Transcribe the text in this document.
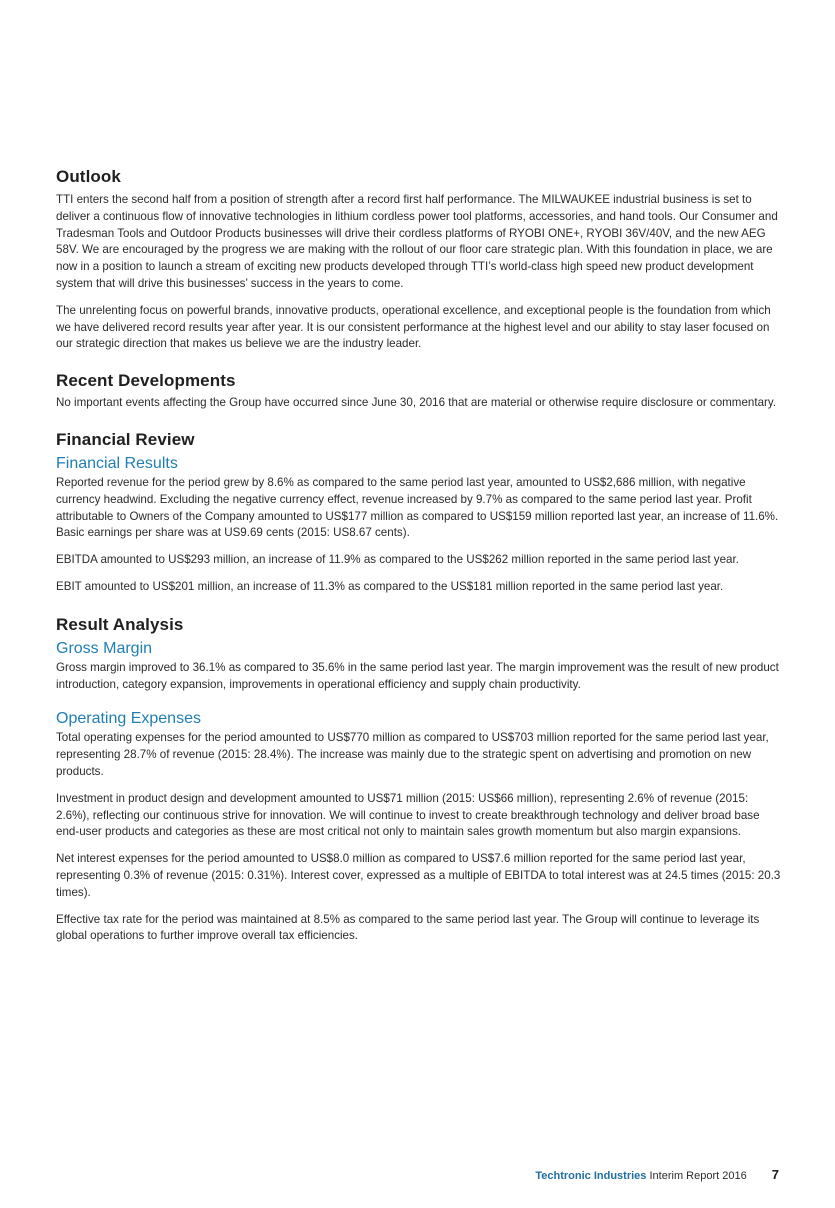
Outlook

TTI enters the second half from a position of strength after a record first half performance. The MILWAUKEE industrial business is set to deliver a continuous flow of innovative technologies in lithium cordless power tool platforms, accessories, and hand tools. Our Consumer and Tradesman Tools and Outdoor Products businesses will drive their cordless platforms of RYOBI ONE+, RYOBI 36V/40V, and the new AEG 58V. We are encouraged by the progress we are making with the rollout of our floor care strategic plan. With this foundation in place, we are now in a position to launch a stream of exciting new products developed through TTI’s world-class high speed new product development system that will drive this businesses’ success in the years to come.

The unrelenting focus on powerful brands, innovative products, operational excellence, and exceptional people is the foundation from which we have delivered record results year after year. It is our consistent performance at the highest level and our ability to stay laser focused on our strategic direction that makes us believe we are the industry leader.

Recent Developments

No important events affecting the Group have occurred since June 30, 2016 that are material or otherwise require disclosure or commentary.

Financial Review
Financial Results

Reported revenue for the period grew by 8.6% as compared to the same period last year, amounted to US$2,686 million, with negative currency headwind. Excluding the negative currency effect, revenue increased by 9.7% as compared to the same period last year. Profit attributable to Owners of the Company amounted to US$177 million as compared to US$159 million reported last year, an increase of 11.6%. Basic earnings per share was at US9.69 cents (2015: US8.67 cents).

EBITDA amounted to US$293 million, an increase of 11.9% as compared to the US$262 million reported in the same period last year.

EBIT amounted to US$201 million, an increase of 11.3% as compared to the US$181 million reported in the same period last year.

Result Analysis
Gross Margin

Gross margin improved to 36.1% as compared to 35.6% in the same period last year. The margin improvement was the result of new product introduction, category expansion, improvements in operational efficiency and supply chain productivity.

Operating Expenses

Total operating expenses for the period amounted to US$770 million as compared to US$703 million reported for the same period last year, representing 28.7% of revenue (2015: 28.4%). The increase was mainly due to the strategic spent on advertising and promotion on new products.

Investment in product design and development amounted to US$71 million (2015: US$66 million), representing 2.6% of revenue (2015: 2.6%), reflecting our continuous strive for innovation. We will continue to invest to create breakthrough technology and deliver broad base end-user products and categories as these are most critical not only to maintain sales growth momentum but also margin expansions.

Net interest expenses for the period amounted to US$8.0 million as compared to US$7.6 million reported for the same period last year, representing 0.3% of revenue (2015: 0.31%). Interest cover, expressed as a multiple of EBITDA to total interest was at 24.5 times (2015: 20.3 times).

Effective tax rate for the period was maintained at 8.5% as compared to the same period last year. The Group will continue to leverage its global operations to further improve overall tax efficiencies.

Techtronic Industries Interim Report 2016 7
